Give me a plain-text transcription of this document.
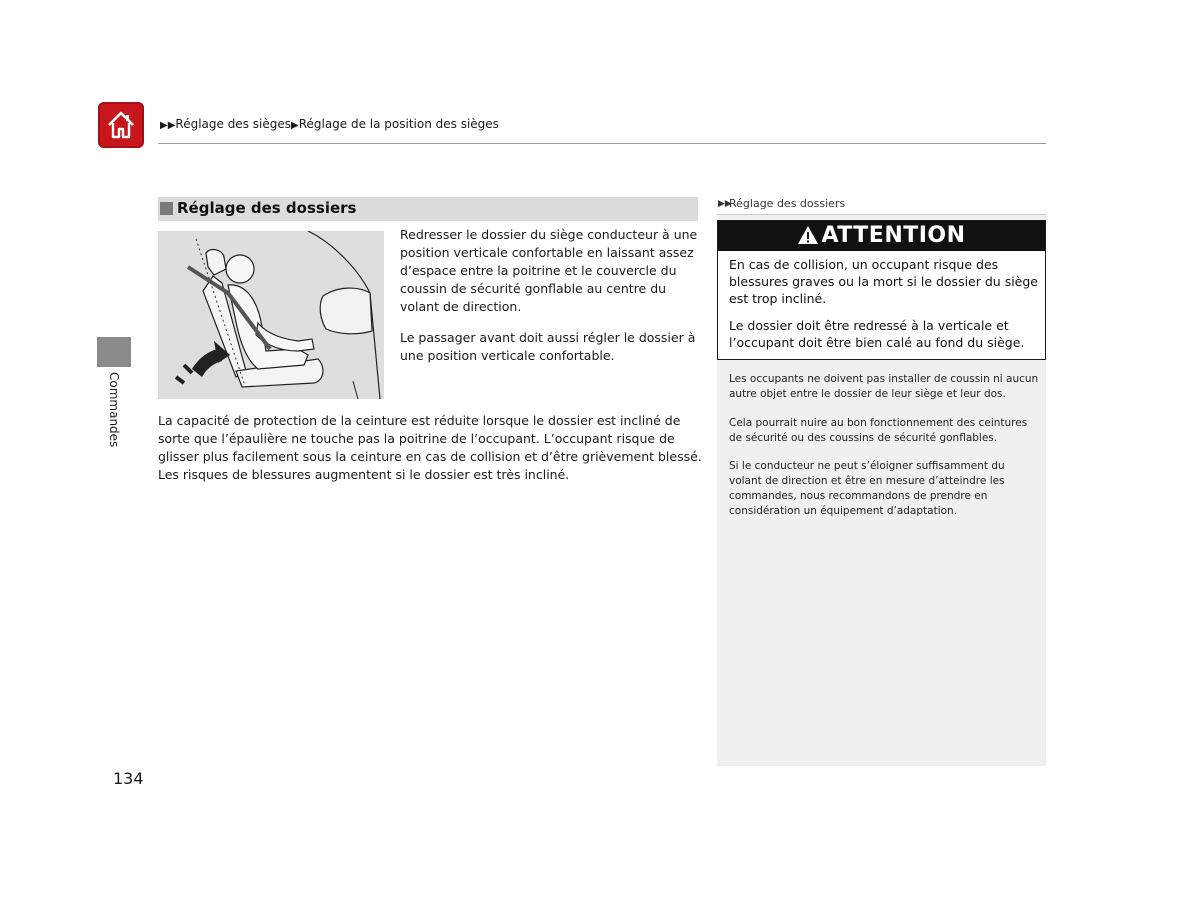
▶▶Réglage des sièges▶Réglage de la position des sièges
Commandes
Réglage des dossiers
Redresser le dossier du siège conducteur à une position verticale confortable en laissant assez d’espace entre la poitrine et le couvercle du coussin de sécurité gonflable au centre du volant de direction.
Le passager avant doit aussi régler le dossier à une position verticale confortable.
La capacité de protection de la ceinture est réduite lorsque le dossier est incliné de sorte que l’épaulière ne touche pas la poitrine de l’occupant. L’occupant risque de glisser plus facilement sous la ceinture en cas de collision et d’être grièvement blessé. Les risques de blessures augmentent si le dossier est très incliné.
▶▶
Réglage des dossiers
ATTENTION
En cas de collision, un occupant risque des blessures graves ou la mort si le dossier du siège est trop incliné.
Le dossier doit être redressé à la verticale et l’occupant doit être bien calé au fond du siège.
Les occupants ne doivent pas installer de coussin ni aucun autre objet entre le dossier de leur siège et leur dos.
Cela pourrait nuire au bon fonctionnement des ceintures de sécurité ou des coussins de sécurité gonflables.
Si le conducteur ne peut s’éloigner suffisamment du volant de direction et être en mesure d’atteindre les commandes, nous recommandons de prendre en considération un équipement d’adaptation.
134
